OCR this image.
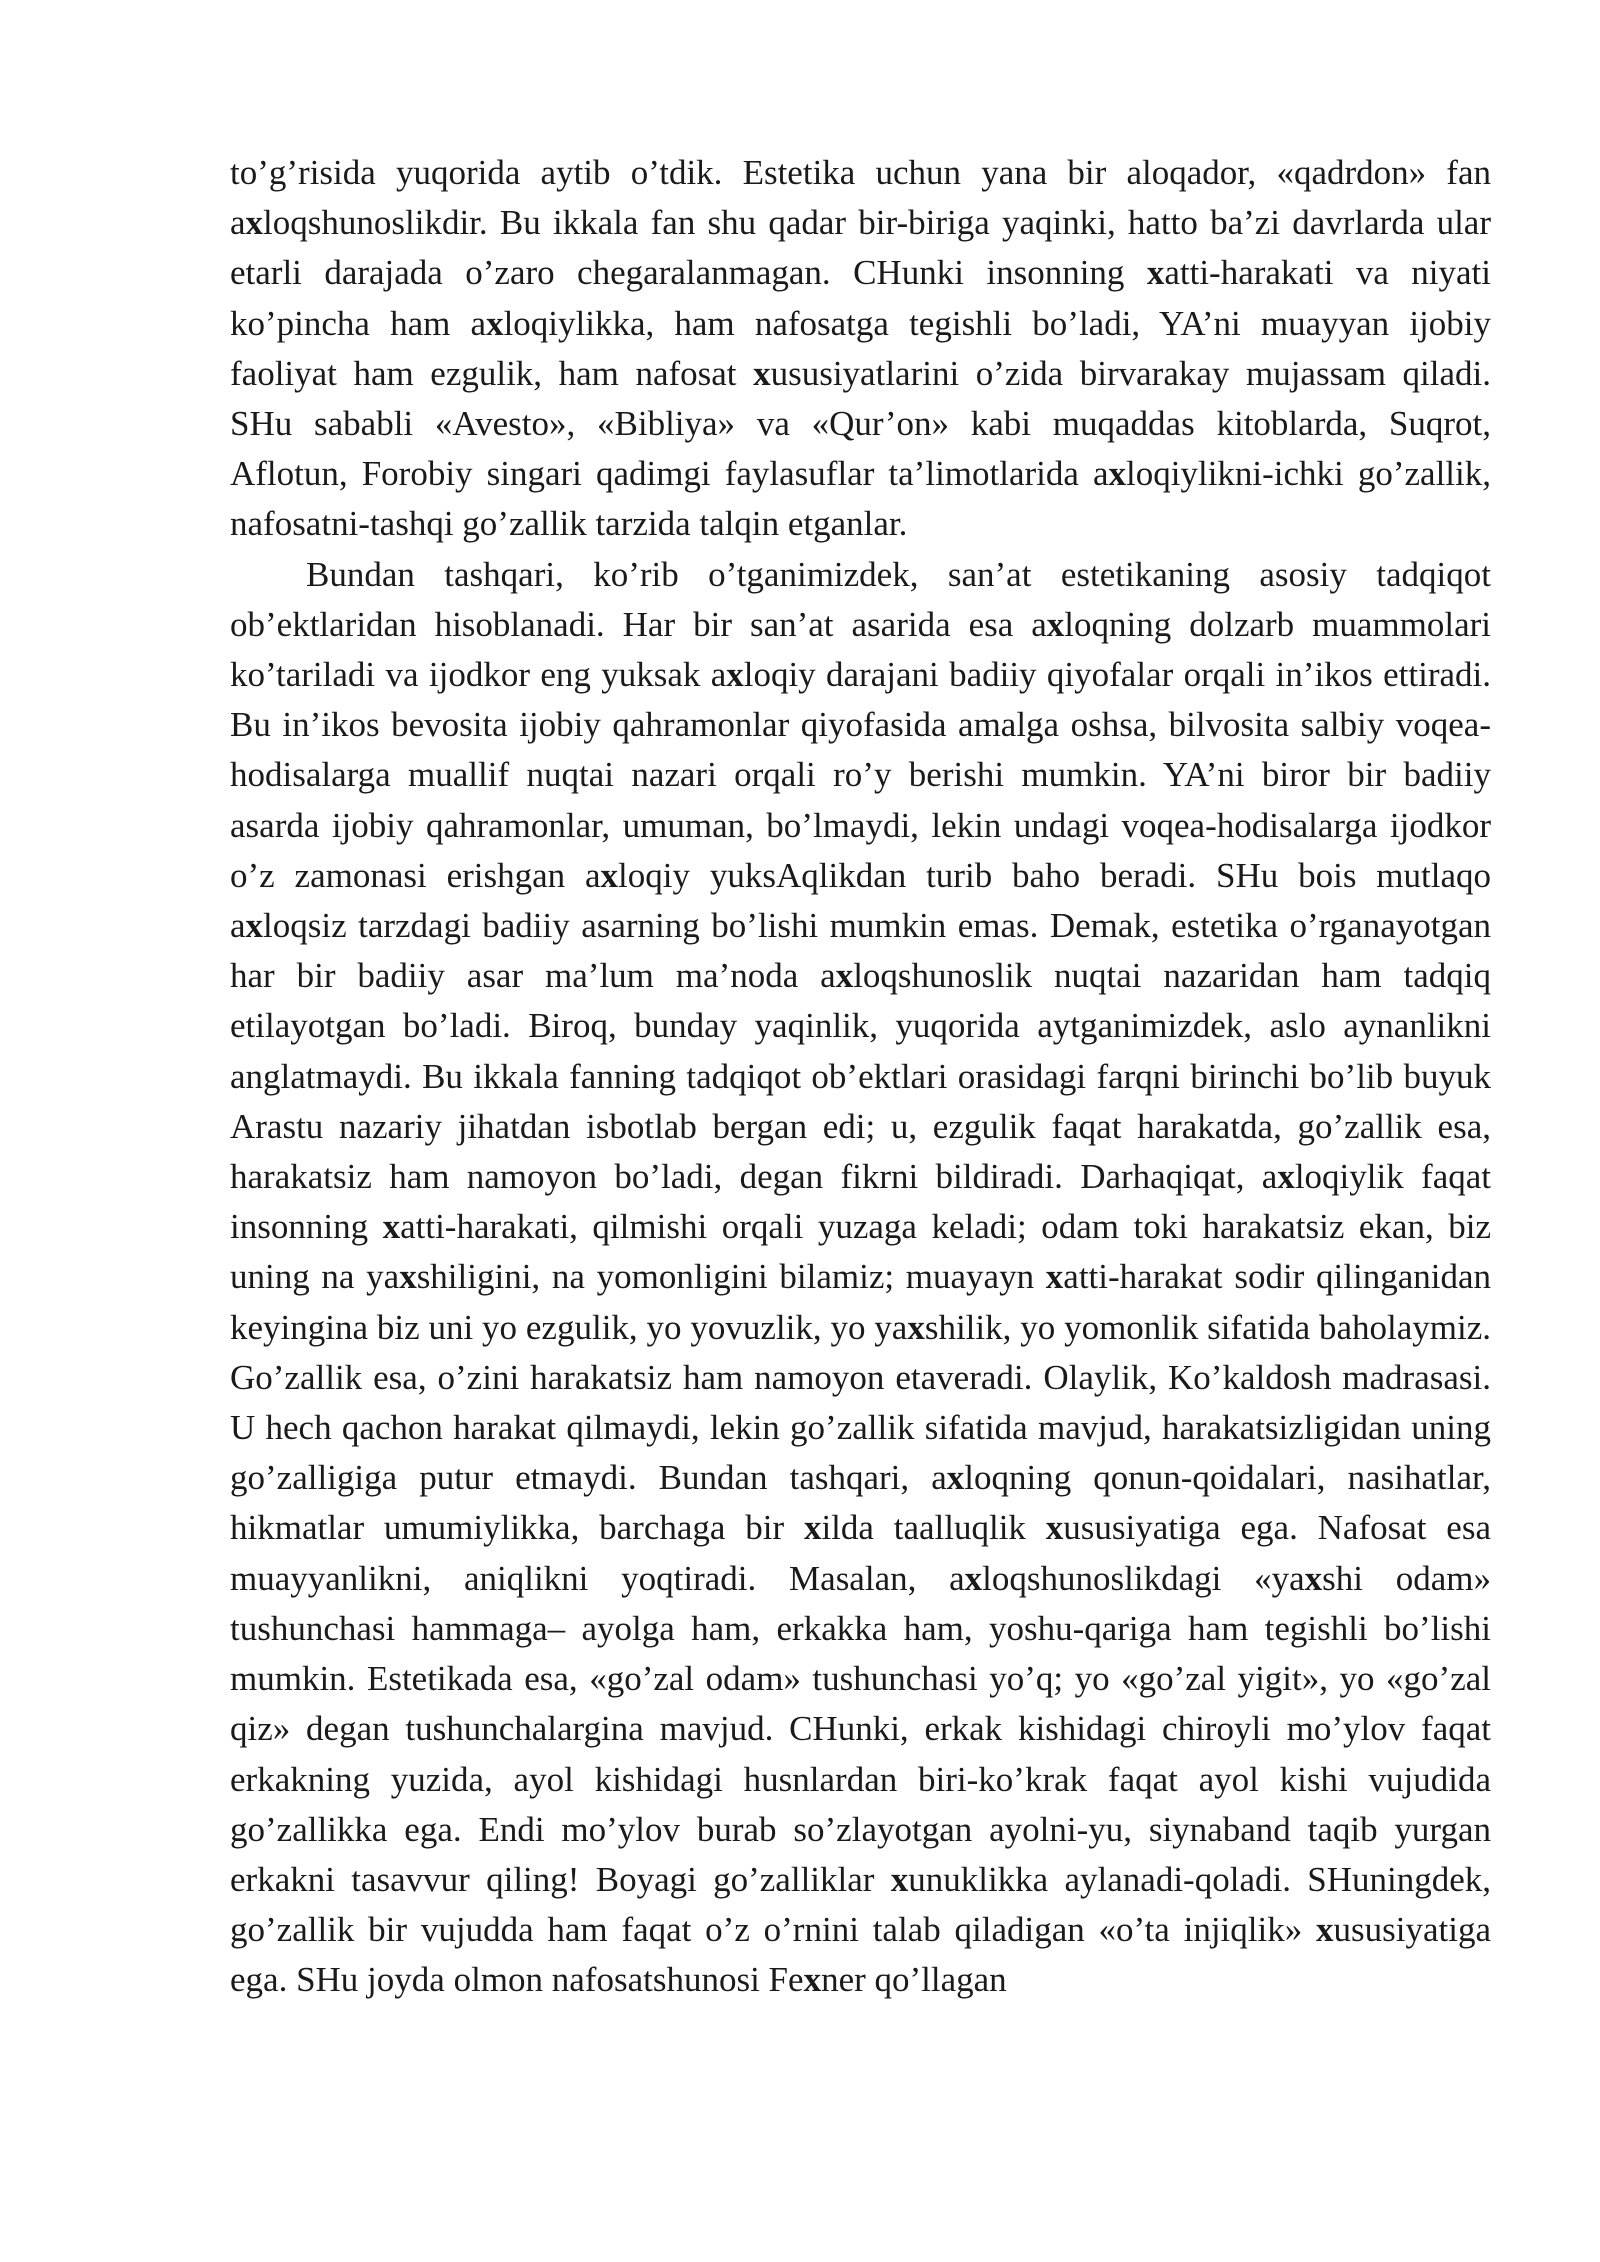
to’g’risida yuqorida aytib o’tdik. Estetika uchun yana bir aloqador, «qadrdon» fan axloqshunoslikdir. Bu ikkala fan shu qadar bir-biriga yaqinki, hatto ba’zi davrlarda ular etarli darajada o’zaro chegaralanmagan. CHunki insonning xatti-harakati va niyati ko’pincha ham axloqiylikka, ham nafosatga tegishli bo’ladi, YA’ni muayyan ijobiy faoliyat ham ezgulik, ham nafosat xususiyatlarini o’zida birvarakay mujassam qiladi. SHu sababli «Avesto», «Bibliya» va «Qur’on» kabi muqaddas kitoblarda, Suqrot, Aflotun, Forobiy singari qadimgi faylasuflar ta’limotlarida axloqiylikni-ichki go’zallik, nafosatni-tashqi go’zallik tarzida talqin etganlar.

Bundan tashqari, ko’rib o’tganimizdek, san’at estetikaning asosiy tadqiqot ob’ektlaridan hisoblanadi. Har bir san’at asarida esa axloqning dolzarb muammolari ko’tariladi va ijodkor eng yuksak axloqiy darajani badiiy qiyofalar orqali in’ikos ettiradi. Bu in’ikos bevosita ijobiy qahramonlar qiyofasida amalga oshsa, bilvosita salbiy voqea-hodisalarga muallif nuqtai nazari orqali ro’y berishi mumkin. YA’ni biror bir badiiy asarda ijobiy qahramonlar, umuman, bo’lmaydi, lekin undagi voqea-hodisalarga ijodkor o’z zamonasi erishgan axloqiy yuksAqlikdan turib baho beradi. SHu bois mutlaqo axloqsiz tarzdagi badiiy asarning bo’lishi mumkin emas. Demak, estetika o’rganayotgan har bir badiiy asar ma’lum ma’noda axloqshunoslik nuqtai nazaridan ham tadqiq etilayotgan bo’ladi. Biroq, bunday yaqinlik, yuqorida aytganimizdek, aslo aynanlikni anglatmaydi. Bu ikkala fanning tadqiqot ob’ektlari orasidagi farqni birinchi bo’lib buyuk Arastu nazariy jihatdan isbotlab bergan edi; u, ezgulik faqat harakatda, go’zallik esa, harakatsiz ham namoyon bo’ladi, degan fikrni bildiradi. Darhaqiqat, axloqiylik faqat insonning xatti-harakati, qilmishi orqali yuzaga keladi; odam toki harakatsiz ekan, biz uning na yaxshiligini, na yomonligini bilamiz; muayayn xatti-harakat sodir qilinganidan keyingina biz uni yo ezgulik, yo yovuzlik, yo yaxshilik, yo yomonlik sifatida baholaymiz. Go’zallik esa, o’zini harakatsiz ham namoyon etaveradi. Olaylik, Ko’kaldosh madrasasi. U hech qachon harakat qilmaydi, lekin go’zallik sifatida mavjud, harakatsizligidan uning go’zalligiga putur etmaydi. Bundan tashqari, axloqning qonun-qoidalari, nasihatlar, hikmatlar umumiylikka, barchaga bir xilda taalluqlik xususiyatiga ega. Nafosat esa muayyanlikni, aniqlikni yoqtiradi. Masalan, axloqshunoslikdagi «yaxshi odam» tushunchasi hammaga– ayolga ham, erkakka ham, yoshu-qariga ham tegishli bo’lishi mumkin. Estetikada esa, «go’zal odam» tushunchasi yo’q; yo «go’zal yigit», yo «go’zal qiz» degan tushunchalargina mavjud. CHunki, erkak kishidagi chiroyli mo’ylov faqat erkakning yuzida, ayol kishidagi husnlardan biri-ko’krak faqat ayol kishi vujudida go’zallikka ega. Endi mo’ylov burab so’zlayotgan ayolni-yu, siynaband taqib yurgan erkakni tasavvur qiling! Boyagi go’zalliklar xunuklikka aylanadi-qoladi. SHuningdek, go’zallik bir vujudda ham faqat o’z o’rnini talab qiladigan «o’ta injiqlik» xususiyatiga ega. SHu joyda olmon nafosatshunosi Fexner qo’llagan
